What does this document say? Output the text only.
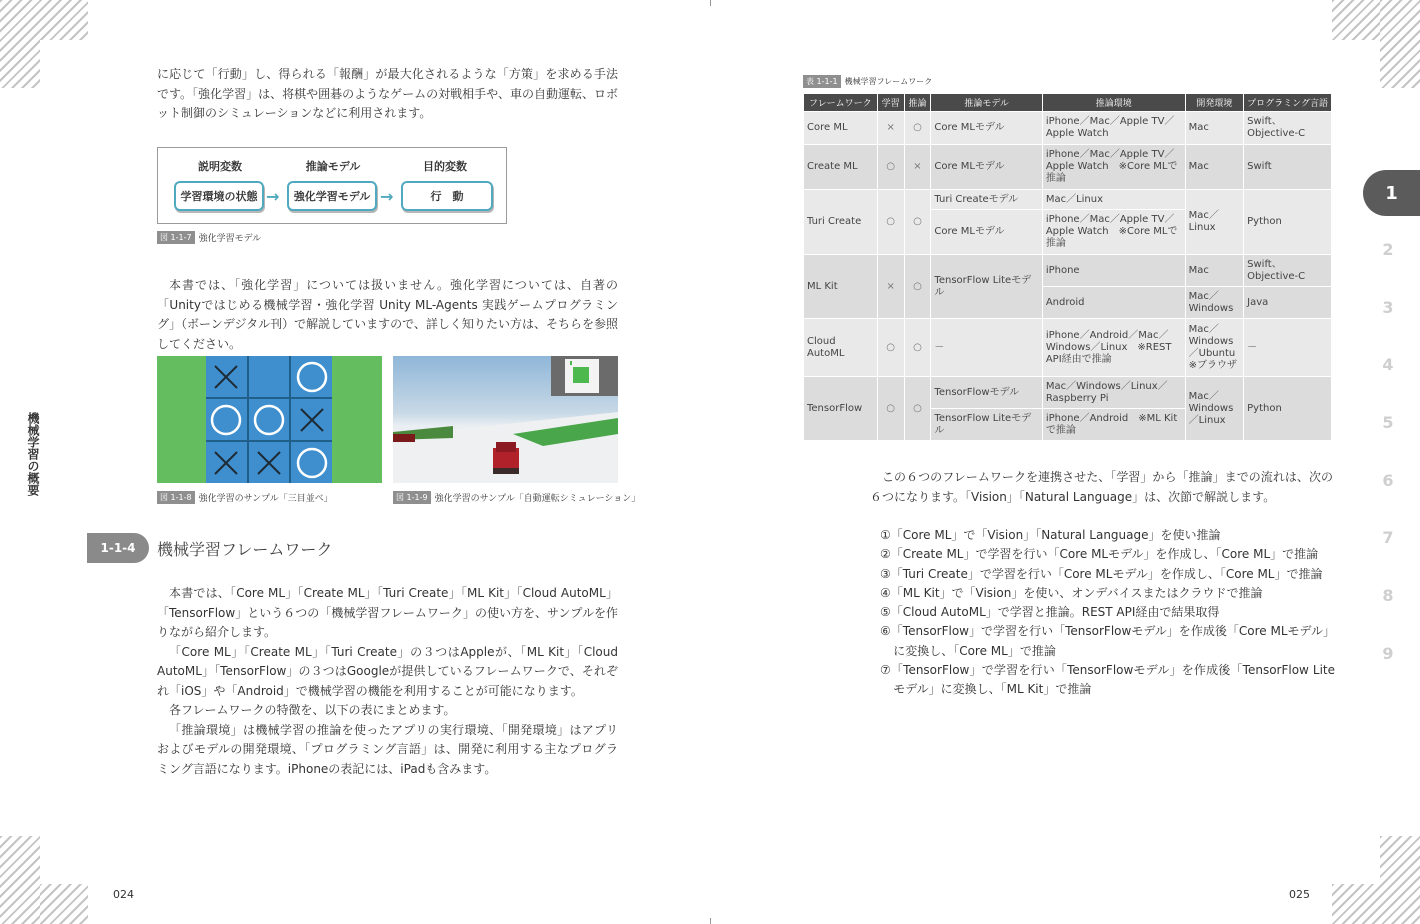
に応じて「行動」し、得られる「報酬」が最大化されるような「方策」を求める手法です。「強化学習」は、将棋や囲碁のようなゲームの対戦相手や、車の自動運転、ロボット制御のシミュレーションなどに利用されます。

説明変数	推論モデル	目的変数
学習環境の状態 →	強化学習モデル →	行　動
図 1-1-7 強化学習モデル

本書では、「強化学習」については扱いません。強化学習については、自著の「Unityではじめる機械学習・強化学習 Unity ML-Agents 実践ゲームプログラミング」（ボーンデジタル刊）で解説していますので、詳しく知りたい方は、そちらを参照してください。

図 1-1-8 強化学習のサンプル「三目並べ」	図 1-1-9 強化学習のサンプル「自動運転シミュレーション」
1-1-4	機械学習フレームワーク

本書では、「Core ML」「Create ML」「Turi Create」「ML Kit」「Cloud AutoML」「TensorFlow」という６つの「機械学習フレームワーク」の使い方を、サンプルを作りながら紹介します。

「Core ML」「Create ML」「Turi Create」の３つはAppleが、「ML Kit」「Cloud AutoML」「TensorFlow」の３つはGoogleが提供しているフレームワークで、それぞれ「iOS」や「Android」で機械学習の機能を利用することが可能になります。

各フレームワークの特徴を、以下の表にまとめます。

「推論環境」は機械学習の推論を使ったアプリの実行環境、「開発環境」はアプリおよびモデルの開発環境、「プログラミング言語」は、開発に利用する主なプログラミング言語になります。iPhoneの表記には、iPadも含みます。

機械学習の概要
024
表 1-1-1 機械学習フレームワーク
フレームワーク	学習	推論	推論モデル	推論環境	開発環境	プログラミング言語
Core ML	×	○	Core MLモデル	iPhone／Mac／Apple TV／Apple Watch	Mac	Swift、Objective-C
Create ML	○	×	Core MLモデル	iPhone／Mac／Apple TV／Apple Watch　※Core MLで推論	Mac	Swift
Turi Create	○	○	Turi Createモデル	Mac／Linux	Mac／Linux	Python
			Core MLモデル	iPhone／Mac／Apple TV／Apple Watch　※Core MLで推論		
ML Kit	×	○	TensorFlow Liteモデル	iPhone	Mac	Swift、Objective-C
				Android	Mac／Windows	Java
Cloud AutoML	○	○	－	iPhone／Android／Mac／Windows／Linux　※REST API経由で推論	Mac／Windows／Ubuntu ※ブラウザ	－
TensorFlow	○	○	TensorFlowモデル	Mac／Windows／Linux／Raspberry Pi	Mac／Windows／Linux	Python
			TensorFlow Liteモデル	iPhone／Android　※ML Kitで推論		

この６つのフレームワークを連携させた、「学習」から「推論」までの流れは、次の６つになります。「Vision」「Natural Language」は、次節で解説します。

①「Core ML」で「Vision」「Natural Language」を使い推論
②「Create ML」で学習を行い「Core MLモデル」を作成し、「Core ML」で推論
③「Turi Create」で学習を行い「Core MLモデル」を作成し、「Core ML」で推論
④「ML Kit」で「Vision」を使い、オンデバイスまたはクラウドで推論
⑤「Cloud AutoML」で学習と推論。REST API経由で結果取得
⑥「TensorFlow」で学習を行い「TensorFlowモデル」を作成後「Core MLモデル」に変換し、「Core ML」で推論
⑦「TensorFlow」で学習を行い「TensorFlowモデル」を作成後「TensorFlow Liteモデル」に変換し、「ML Kit」で推論
1
2
3
4
5
6
7
8
9
025
